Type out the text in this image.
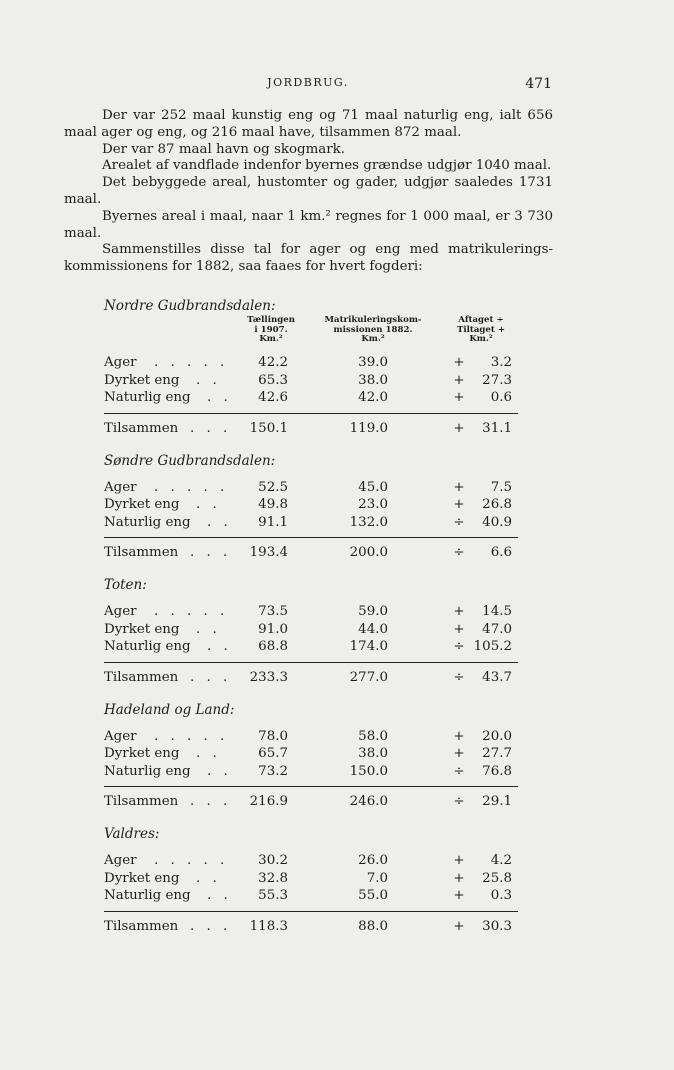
JORDBRUG.	471

Der var 252 maal kunstig eng og 71 maal naturlig eng, ialt 656 maal ager og eng, og 216 maal have, tilsammen 872 maal.

Der var 87 maal havn og skogmark.

Arealet af vandflade indenfor byernes grændse udgjør 1040 maal.

Det bebyggede areal, hustomter og gader, udgjør saaledes 1731 maal.

Byernes areal i maal, naar 1 km.² regnes for 1 000 maal, er 3 730 maal.

Sammenstilles disse tal for ager og eng med matrikulerings-kommissionens for 1882, saa faaes for hvert fogderi:

Nordre Gudbrandsdalen:
Tællingen
i 1907.
Km.²
Matrikuleringskom-
missionen 1882.
Km.²
Aftaget ÷
Tiltaget +
Km.²
Ager . . . . .	42.2	39.0	+	3.2
Dyrket eng . .	65.3	38.0	+	27.3
Naturlig eng . .	42.6	42.0	+	0.6
Tilsammen . . .	150.1	119.0	+	31.1
Søndre Gudbrandsdalen:
Ager . . . . .	52.5	45.0	+	7.5
Dyrket eng . .	49.8	23.0	+	26.8
Naturlig eng . .	91.1	132.0	÷	40.9
Tilsammen . . .	193.4	200.0	÷	6.6
Toten:
Ager . . . . .	73.5	59.0	+	14.5
Dyrket eng . .	91.0	44.0	+	47.0
Naturlig eng . .	68.8	174.0	÷ 105.2
Tilsammen . . .	233.3	277.0	÷	43.7
Hadeland og Land:
Ager . . . . .	78.0	58.0	+	20.0
Dyrket eng . .	65.7	38.0	+	27.7
Naturlig eng . .	73.2	150.0	÷	76.8
Tilsammen . . .	216.9	246.0	÷	29.1
Valdres:
Ager . . . . .	30.2	26.0	+	4.2
Dyrket eng . .	32.8	7.0	+	25.8
Naturlig eng . .	55.3	55.0	+	0.3
Tilsammen . . .	118.3	88.0	+	30.3
